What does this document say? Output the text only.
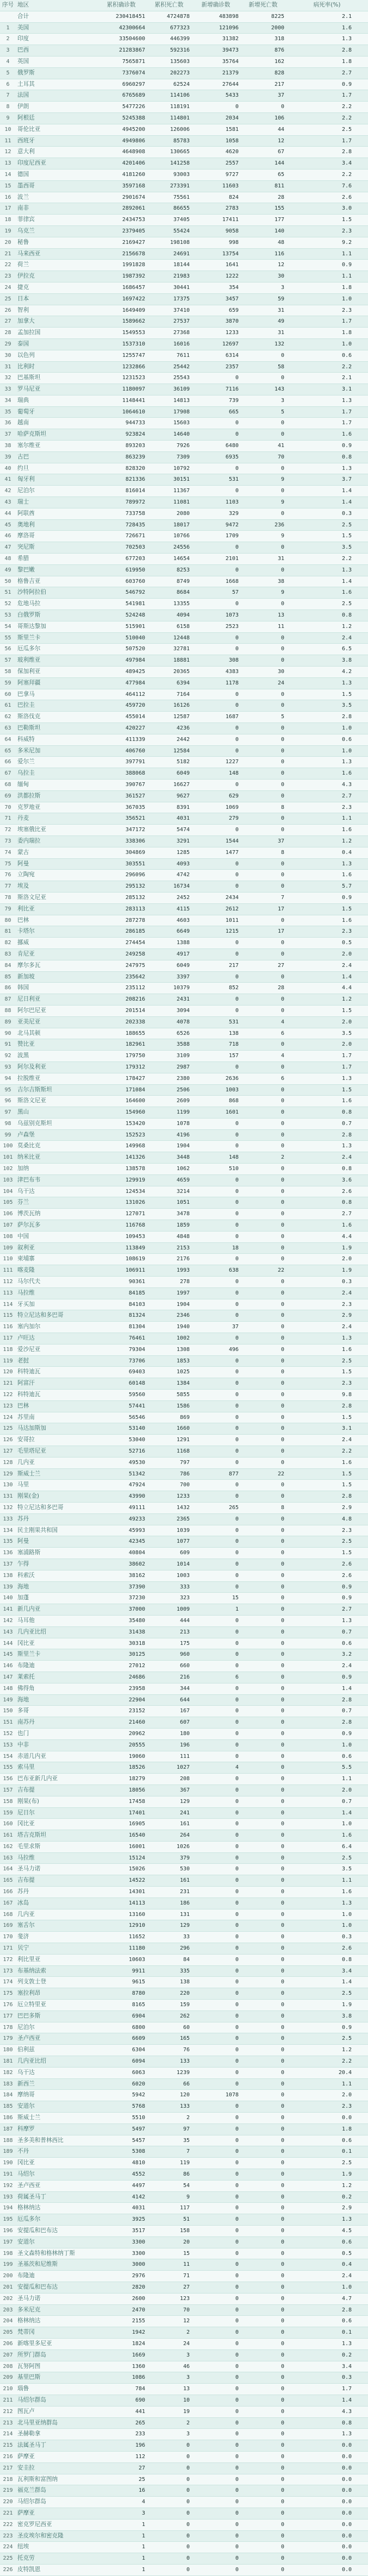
序号	地区	累积确诊数	累积死亡数	新增确诊数	新增死亡数	病死率(%)
	合计	230418451	4724878	483898	8225	2.1
1	美国	42300664	677323	121096	2000	1.6
2	印度	33504600	446399	31382	318	1.3
3	巴西	21283867	592316	39473	876	2.8
4	英国	7565871	135603	35764	162	1.8
5	俄罗斯	7376074	202273	21379	828	2.7
6	土耳其	6960297	62524	27644	217	0.9
7	法国	6765689	114106	5433	37	1.7
8	伊朗	5477226	118191	0	0	2.2
9	阿根廷	5245388	114801	2034	106	2.2
10	哥伦比亚	4945200	126006	1581	44	2.5
11	西班牙	4949806	85783	1058	12	1.7
12	意大利	4648908	130665	4620	67	2.8
13	印度尼西亚	4201406	141258	2557	144	3.4
14	德国	4181260	93003	9727	65	2.2
15	墨西哥	3597168	273391	11603	811	7.6
16	波兰	2901674	75561	824	28	2.6
17	南非	2892061	86655	2783	155	3.0
18	菲律宾	2434753	37405	17411	177	1.5
19	乌克兰	2379405	55424	9058	140	2.3
20	秘鲁	2169427	198108	998	48	9.2
21	马来西亚	2156678	24691	13754	116	1.1
22	荷兰	1991828	18144	1641	12	0.9
23	伊拉克	1987392	21983	1222	30	1.1
24	捷克	1686457	30441	354	3	1.8
25	日本	1697422	17375	3457	59	1.0
26	智利	1649409	37410	659	31	2.3
27	加拿大	1589662	27537	3870	49	1.7
28	孟加拉国	1549553	27368	1233	31	1.8
29	泰国	1537310	16016	12697	132	1.0
30	以色列	1255747	7611	6314	0	0.6
31	比利时	1232866	25442	2357	58	2.2
32	巴基斯坦	1231523	25543	0	0	2.1
33	罗马尼亚	1180097	36109	7116	143	3.1
34	瑞典	1148441	14813	739	3	1.3
35	葡萄牙	1064610	17908	665	5	1.7
36	越南	944733	15603	0	0	1.7
37	哈萨克斯坦	923824	14640	0	0	1.6
38	塞尔维亚	893203	7926	6480	41	0.9
39	古巴	863239	7309	6935	70	0.8
40	约旦	828320	10792	0	0	1.3
41	匈牙利	821336	30151	531	9	3.7
42	尼泊尔	816014	11367	0	0	1.4
43	瑞士	789972	11081	1103	9	1.4
44	阿联酋	733758	2080	329	0	0.3
45	奥地利	728435	18017	9472	236	2.5
46	摩洛哥	726671	10766	1709	9	1.5
47	突尼斯	702503	24556	0	0	3.5
48	希腊	677203	14654	2101	31	2.2
49	黎巴嫩	619950	8253	0	0	1.3
50	格鲁吉亚	603760	8749	1668	38	1.4
51	沙特阿拉伯	546792	8684	57	9	1.6
52	危地马拉	541981	13355	0	0	2.5
53	白俄罗斯	524248	4094	1073	13	0.8
54	哥斯达黎加	515901	6158	2523	11	1.2
55	斯里兰卡	510040	12448	0	0	2.4
56	厄瓜多尔	507520	32781	0	0	6.5
57	玻利维亚	497984	18881	308	0	3.8
58	保加利亚	489425	20365	4383	30	4.2
59	阿塞拜疆	477984	6394	1178	24	1.3
60	巴拿马	464112	7164	0	0	1.5
61	巴拉圭	459720	16126	0	0	3.5
62	斯洛伐克	455014	12587	1687	5	2.8
63	巴勒斯坦	420227	4236	0	0	1.0
64	科威特	411339	2442	0	0	0.6
65	多米尼加	406760	12584	0	0	1.0
66	爱尔兰	397791	5182	1227	0	1.3
67	乌拉圭	388068	6049	148	0	1.6
68	缅甸	390767	16627	0	0	4.3
69	洪都拉斯	361527	9627	629	0	2.7
70	克罗地亚	367035	8391	1069	8	2.3
71	丹麦	356521	4031	279	0	1.1
72	埃塞俄比亚	347172	5474	0	0	1.6
73	委内瑞拉	338306	3291	1544	37	1.2
74	蒙古	304869	1285	1477	8	0.4
75	阿曼	303551	4093	0	0	1.3
76	立陶宛	296096	4742	0	0	1.6
77	埃及	295132	16734	0	0	5.7
78	斯洛文尼亚	285132	2452	2434	7	0.9
79	利比亚	283113	4115	2612	17	1.5
80	巴林	287278	4603	1011	0	1.6
81	卡塔尔	286185	6649	1215	17	2.3
82	挪威	274454	1388	0	0	0.5
83	肯尼亚	249258	4917	0	0	2.0
84	摩尔多瓦	247975	6049	217	27	2.4
85	新加坡	235642	3397	0	0	1.4
86	韩国	235112	10379	852	28	4.4
87	尼日利亚	208216	2431	0	0	1.2
88	阿尔巴尼亚	201514	3094	0	0	1.5
89	亚美尼亚	202338	4078	531	4	2.0
90	北马其顿	188655	6526	138	6	3.5
91	赞比亚	182961	3588	718	0	2.0
92	波黑	179750	3109	157	4	1.7
93	阿尔及利亚	179312	2987	0	0	1.7
94	拉脱维亚	178427	2380	2636	6	1.3
95	吉尔吉斯斯坦	171084	2506	1003	0	1.5
96	斯洛文尼亚	164600	2609	868	0	1.6
97	黑山	154960	1199	1601	0	0.8
98	乌兹别克斯坦	153420	1078	0	0	0.7
99	卢森堡	152523	4196	0	0	2.8
100	莫桑比克	149968	1904	0	0	1.3
101	纳米比亚	141326	3448	148	2	2.4
102	加纳	138578	1062	510	0	0.8
103	津巴布韦	129919	4659	0	0	3.6
104	乌干达	124534	3214	0	0	2.6
105	芬兰	131026	1051	0	0	0.8
106	博茨瓦纳	127071	3478	0	0	2.7
107	萨尔瓦多	116768	1859	0	0	1.6
108	中国	109453	4848	0	0	4.4
109	叙利亚	113849	2153	18	0	1.9
110	柬埔寨	108619	2176	0	0	2.0
111	喀麦隆	106911	1993	638	22	1.9
112	马尔代夫	90361	278	0	0	0.3
113	马拉维	84185	1997	0	0	2.4
114	牙买加	84103	1904	0	0	2.3
115	特立尼达和多巴哥	81324	2346	0	0	2.9
116	塞内加尔	81304	1940	37	0	2.4
117	卢旺达	76461	1002	0	0	1.3
118	爱沙尼亚	79304	1308	496	0	1.6
119	老挝	73706	1853	0	0	2.5
120	科特迪瓦	69403	1025	0	0	1.5
121	阿富汗	60148	1384	0	0	2.3
122	科特迪瓦	59560	5855	0	0	9.8
123	巴林	57441	1586	0	0	2.8
124	苏里南	56546	869	0	0	1.5
125	马达加斯加	53140	1660	0	0	3.1
126	安哥拉	53040	1291	0	0	2.4
127	毛里塔尼亚	52716	1168	0	0	2.2
128	几内亚	49530	797	0	0	1.6
129	斯威士兰	51342	786	877	22	1.5
130	马里	47924	700	0	0	1.5
131	刚果(金)	43990	1233	0	0	2.8
132	特立尼达和多巴哥	49111	1432	265	8	2.9
133	苏丹	49233	2365	0	0	4.8
134	民主刚果共和国	45993	1039	0	0	2.3
135	阿曼	42345	1077	0	0	2.5
136	塞浦路斯	40804	609	0	0	1.5
137	乍得	38602	1014	0	0	2.6
138	科索沃	38162	1003	0	0	2.6
139	海地	37390	333	0	0	0.9
140	加蓬	37230	323	15	0	0.9
141	新几内亚	37000	1009	1	0	2.7
142	马耳他	35480	444	0	0	1.3
143	几内亚比绍	31438	213	0	0	0.7
144	冈比亚	30318	175	0	0	0.6
145	斯里兰卡	30125	960	0	0	3.2
146	布隆迪	27012	660	0	0	2.4
147	莱索托	24686	216	6	0	0.9
148	佛得角	23958	344	0	0	1.4
149	海地	22904	644	0	0	2.8
150	多哥	23152	167	0	0	0.7
151	南苏丹	21460	607	0	0	2.8
152	也门	20962	180	0	0	0.9
153	中非	20555	196	0	0	1.0
154	赤道几内亚	19060	111	0	0	0.6
155	索马里	18526	1027	4	0	5.5
156	巴布亚新几内亚	18279	208	0	0	1.1
157	吉布提	18056	367	0	0	2.0
158	刚果(布)	17458	129	0	0	0.7
159	尼日尔	17401	241	0	0	1.4
160	冈比亚	16905	161	0	0	1.0
161	塔吉克斯坦	16540	264	0	0	1.6
162	毛里求斯	16001	1026	0	0	6.4
163	马拉维	15124	379	0	0	2.5
164	圣马力诺	15026	530	0	0	3.5
165	吉布提	14522	161	0	0	1.1
166	苏丹	14301	231	0	0	1.6
167	冰岛	14113	186	0	0	1.3
168	几内亚	13160	131	0	0	1.0
169	塞舌尔	12910	129	0	0	1.0
170	斐济	11652	33	0	0	0.3
171	贝宁	11180	296	0	0	2.6
172	利比里亚	10603	84	0	0	0.8
173	布基纳法索	9911	335	0	0	3.4
174	列支敦士登	9615	138	0	0	1.4
175	塞拉利昂	8780	220	0	0	2.5
176	厄立特里亚	8165	159	0	0	1.9
177	巴巴多斯	6904	262	0	0	3.8
178	尼泊尔	6800	60	0	0	0.9
179	圣卢西亚	6609	165	0	0	2.5
180	伯利兹	6304	76	0	0	1.2
181	几内亚比绍	6094	133	0	0	2.2
182	乌干达	6063	1239	0	0	20.4
183	新西兰	6020	66	0	0	1.1
184	摩纳哥	5942	120	1078	0	2.0
185	安道尔	5768	133	0	0	2.3
186	斯威士兰	5510	2	0	0	0.0
187	科摩罗	5497	97	0	0	1.8
188	圣多美和普林西比	5457	35	0	0	0.6
189	不丹	5308	7	0	0	0.1
190	冈比亚	4810	119	0	0	2.5
191	马绍尔	4552	86	0	0	1.9
192	圣卢西亚	4497	54	0	0	1.2
193	荷属圣马丁	4142	9	0	0	0.2
194	格林纳达	4031	117	0	0	2.9
195	厄瓜多尔	3925	51	0	0	1.3
196	安提瓜和巴布达	3517	158	0	0	4.5
197	安道尔	3300	20	0	0	0.6
198	圣文森特和格林纳丁斯	3300	15	0	0	0.5
199	圣基茨和尼维斯	3000	11	0	0	0.4
200	布隆迪	2976	71	0	0	2.4
201	安提瓜和巴布达	2820	27	0	0	1.0
202	圣马力诺	2600	123	0	0	4.7
203	多米尼克	2470	70	0	0	2.8
204	格林纳达	2155	12	0	0	0.6
205	梵蒂冈	1942	2	0	0	0.1
206	新喀里多尼亚	1824	24	0	0	1.3
207	所罗门群岛	1669	3	0	0	0.2
208	瓦努阿图	1360	46	0	0	3.4
209	基里巴斯	1086	3	0	0	0.3
210	瑙鲁	784	13	0	0	1.7
211	马绍尔群岛	690	10	0	0	1.4
212	图瓦卢	441	19	0	0	4.3
213	北马里亚纳群岛	265	2	0	0	0.8
214	圣赫勒拿	233	3	0	0	1.3
215	法属圣马丁	196	0	0	0	0.0
216	萨摩亚	112	0	0	0	0.0
217	安圭拉	27	0	0	0	0.0
218	瓦利斯和富图纳	25	0	0	0	0.0
219	福克兰群岛	16	0	0	0	0.0
220	马绍尔群岛	4	0	0	0	0.0
221	萨摩亚	3	0	0	0	0.0
222	密克罗尼西亚	1	0	0	0	0.0
223	圣皮埃尔和密克隆	1	0	0	0	0.0
224	纽埃	1	0	0	0	0.0
225	托克劳	1	0	0	0	0.0
226	皮特凯恩	1	0	0	0	0.0
